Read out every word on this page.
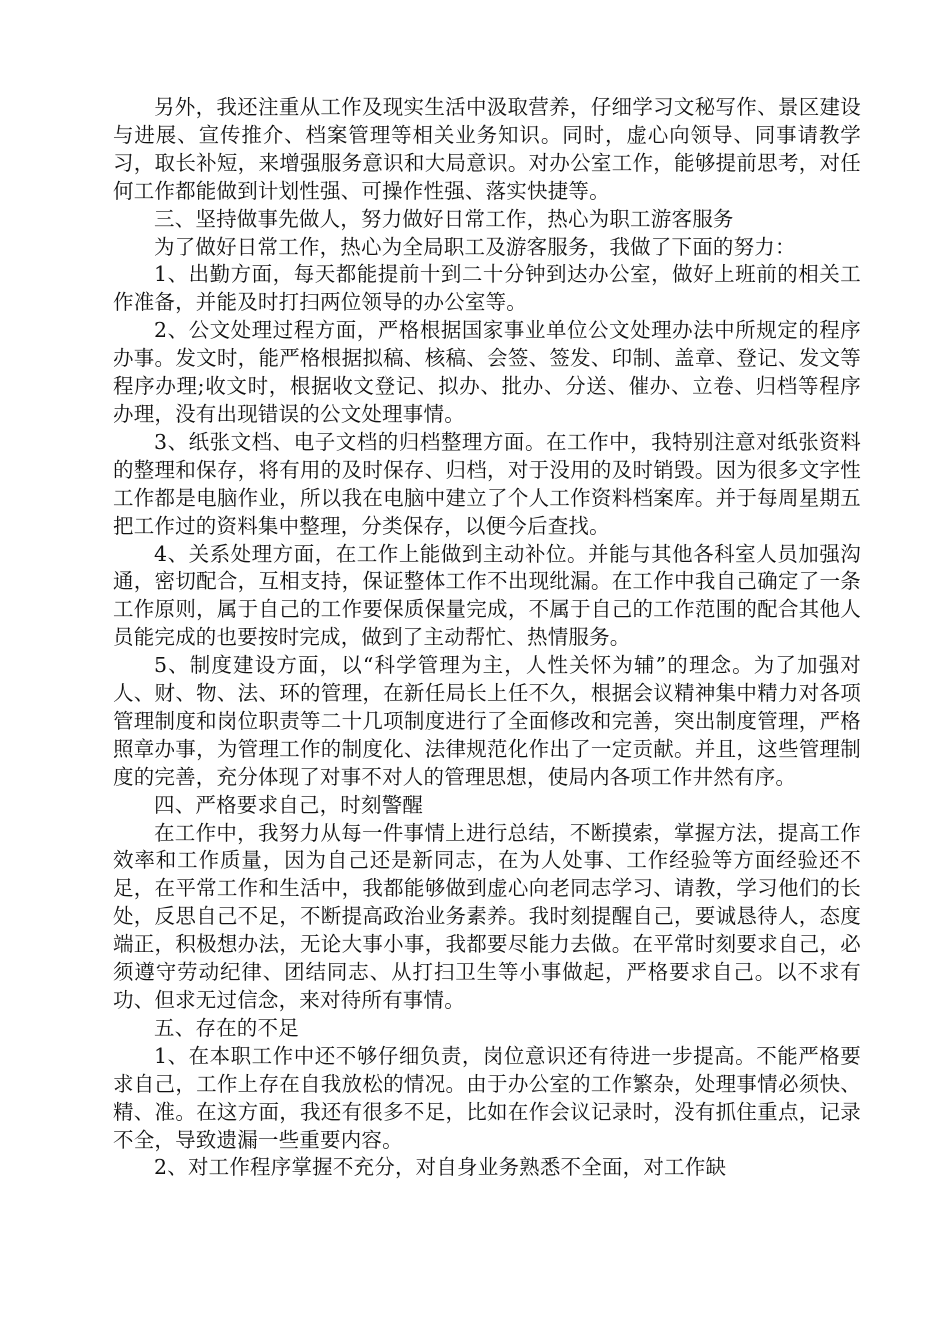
另外，我还注重从工作及现实生活中汲取营养，仔细学习文秘写作、景区建设与进展、宣传推介、档案管理等相关业务知识。同时，虚心向领导、同事请教学习，取长补短，来增强服务意识和大局意识。对办公室工作，能够提前思考，对任何工作都能做到计划性强、可操作性强、落实快捷等。

三、坚持做事先做人，努力做好日常工作，热心为职工游客服务

为了做好日常工作，热心为全局职工及游客服务，我做了下面的努力：

1、出勤方面，每天都能提前十到二十分钟到达办公室，做好上班前的相关工作准备，并能及时打扫两位领导的办公室等。

2、公文处理过程方面，严格根据国家事业单位公文处理办法中所规定的程序办事。发文时，能严格根据拟稿、核稿、会签、签发、印制、盖章、登记、发文等程序办理;收文时，根据收文登记、拟办、批办、分送、催办、立卷、归档等程序办理，没有出现错误的公文处理事情。

3、纸张文档、电子文档的归档整理方面。在工作中，我特别注意对纸张资料的整理和保存，将有用的及时保存、归档，对于没用的及时销毁。因为很多文字性工作都是电脑作业，所以我在电脑中建立了个人工作资料档案库。并于每周星期五把工作过的资料集中整理，分类保存，以便今后查找。

4、关系处理方面，在工作上能做到主动补位。并能与其他各科室人员加强沟通，密切配合，互相支持，保证整体工作不出现纰漏。在工作中我自己确定了一条工作原则，属于自己的工作要保质保量完成，不属于自己的工作范围的配合其他人员能完成的也要按时完成，做到了主动帮忙、热情服务。

5、制度建设方面，以“科学管理为主，人性关怀为辅”的理念。为了加强对人、财、物、法、环的管理，在新任局长上任不久，根据会议精神集中精力对各项管理制度和岗位职责等二十几项制度进行了全面修改和完善，突出制度管理，严格照章办事，为管理工作的制度化、法律规范化作出了一定贡献。并且，这些管理制度的完善，充分体现了对事不对人的管理思想，使局内各项工作井然有序。

四、严格要求自己，时刻警醒

在工作中，我努力从每一件事情上进行总结，不断摸索，掌握方法，提高工作效率和工作质量，因为自己还是新同志，在为人处事、工作经验等方面经验还不足，在平常工作和生活中，我都能够做到虚心向老同志学习、请教，学习他们的长处，反思自己不足，不断提高政治业务素养。我时刻提醒自己，要诚恳待人，态度端正，积极想办法，无论大事小事，我都要尽能力去做。在平常时刻要求自己，必须遵守劳动纪律、团结同志、从打扫卫生等小事做起，严格要求自己。以不求有功、但求无过信念，来对待所有事情。

五、存在的不足

1、在本职工作中还不够仔细负责，岗位意识还有待进一步提高。不能严格要求自己，工作上存在自我放松的情况。由于办公室的工作繁杂，处理事情必须快、精、准。在这方面，我还有很多不足，比如在作会议记录时，没有抓住重点，记录不全，导致遗漏一些重要内容。

2、对工作程序掌握不充分，对自身业务熟悉不全面，对工作缺
